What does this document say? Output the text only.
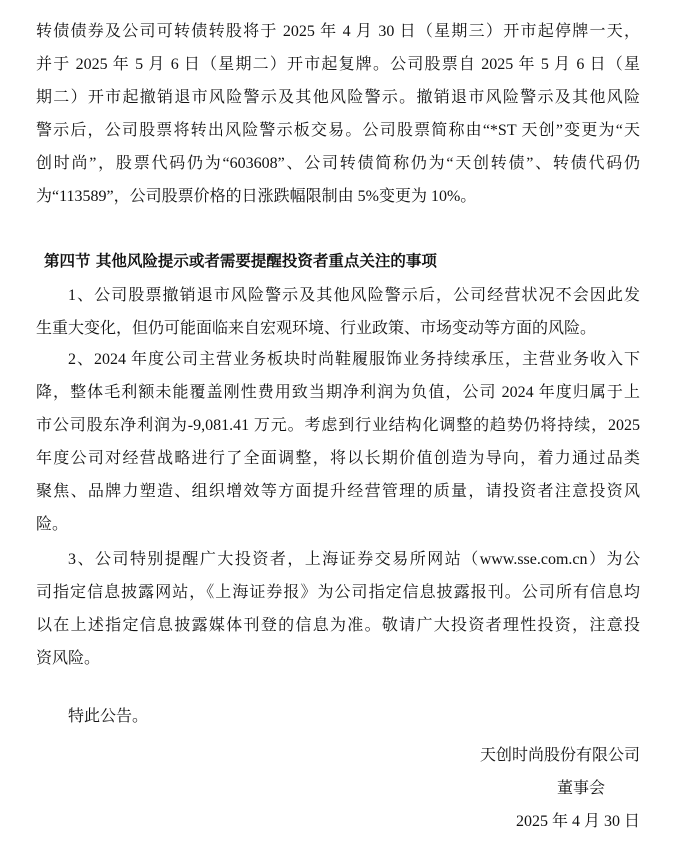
转债债券及公司可转债转股将于 2025 年 4 月 30 日（星期三）开市起停牌一天，
并于 2025 年 5 月 6 日（星期二）开市起复牌。公司股票自 2025 年 5 月 6 日（星
期二）开市起撤销退市风险警示及其他风险警示。撤销退市风险警示及其他风险
警示后，公司股票将转出风险警示板交易。公司股票简称由“*ST 天创”变更为“天
创时尚”，股票代码仍为“603608”、公司转债简称仍为“天创转债”、转债代码仍
为“113589”，公司股票价格的日涨跌幅限制由 5%变更为 10%。
第四节 其他风险提示或者需要提醒投资者重点关注的事项
1、公司股票撤销退市风险警示及其他风险警示后，公司经营状况不会因此发
生重大变化，但仍可能面临来自宏观环境、行业政策、市场变动等方面的风险。
2、2024 年度公司主营业务板块时尚鞋履服饰业务持续承压，主营业务收入下
降，整体毛利额未能覆盖刚性费用致当期净利润为负值，公司 2024 年度归属于上
市公司股东净利润为-9,081.41 万元。考虑到行业结构化调整的趋势仍将持续，2025
年度公司对经营战略进行了全面调整，将以长期价值创造为导向，着力通过品类
聚焦、品牌力塑造、组织增效等方面提升经营管理的质量，请投资者注意投资风
险。
3、公司特别提醒广大投资者，上海证券交易所网站（www.sse.com.cn）为公
司指定信息披露网站，《上海证券报》为公司指定信息披露报刊。公司所有信息均
以在上述指定信息披露媒体刊登的信息为准。敬请广大投资者理性投资，注意投
资风险。
特此公告。
天创时尚股份有限公司
董事会
2025 年 4 月 30 日
